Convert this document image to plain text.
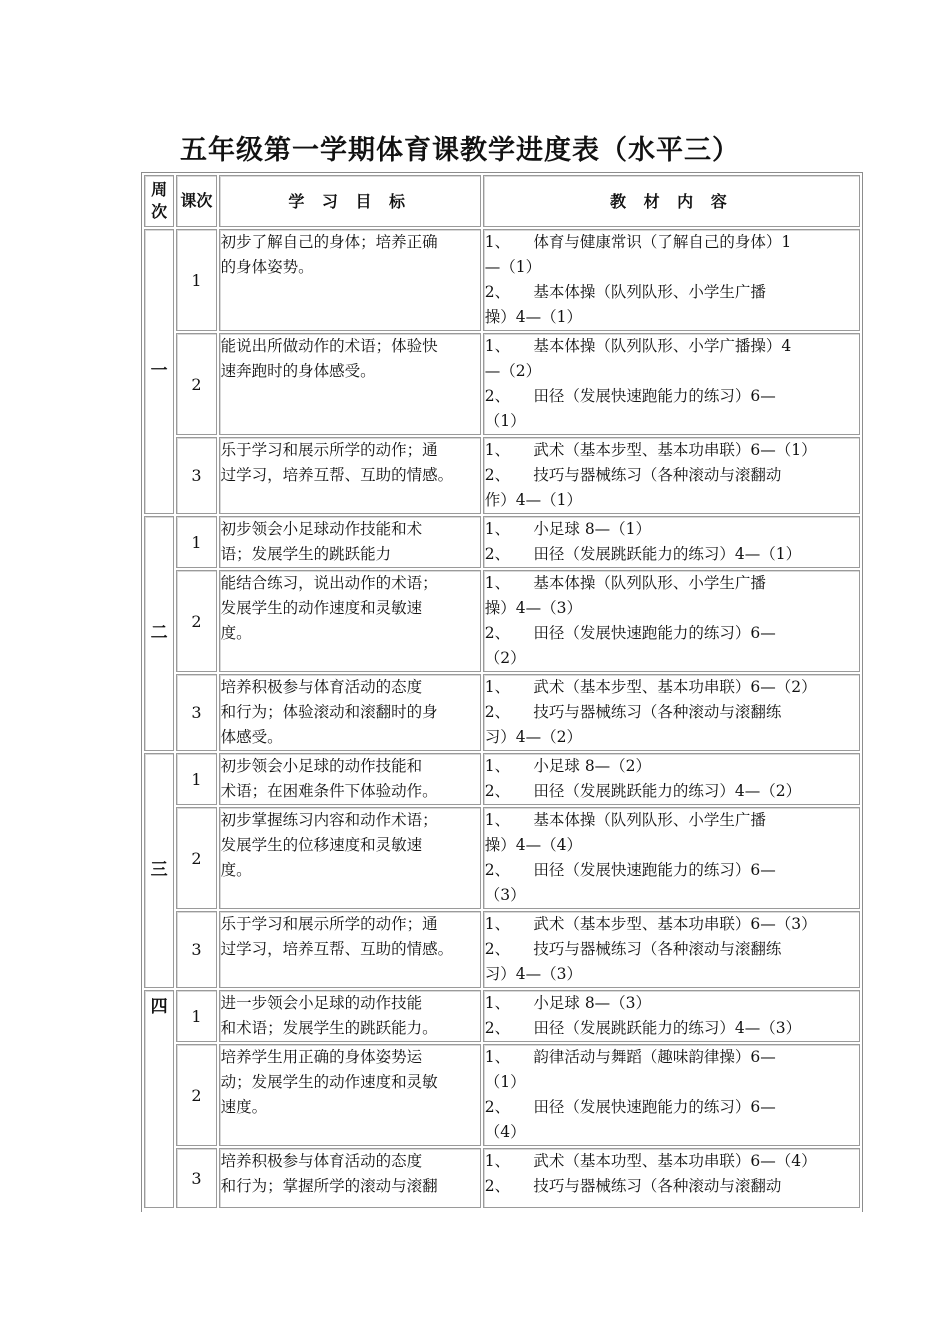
五年级第一学期体育课教学进度表（水平三）
周次	课次	学 习 目 标	教 材 内 容
一	1	初步了解自己的身体；培养正确
的身体姿势。	1、　　体育与健康常识（了解自己的身体）1
—（1）
2、　　基本体操（队列队形、小学生广播
操）4—（1）

	2	能说出所做动作的术语；体验快
速奔跑时的身体感受。	1、　　基本体操（队列队形、小学广播操）4
—（2）
2、　　田径（发展快速跑能力的练习）6—
（1）

	3	乐于学习和展示所学的动作；通
过学习，培养互帮、互助的情感。	1、　　武术（基本步型、基本功串联）6—（1）
2、　　技巧与器械练习（各种滚动与滚翻动
作）4—（1）

二	1	初步领会小足球动作技能和术
语；发展学生的跳跃能力	1、　　小足球 8—（1）
2、　　田径（发展跳跃能力的练习）4—（1）

	2	能结合练习，说出动作的术语；
发展学生的动作速度和灵敏速
度。	1、　　基本体操（队列队形、小学生广播
操）4—（3）
2、　　田径（发展快速跑能力的练习）6—
（2）

	3	培养积极参与体育活动的态度
和行为；体验滚动和滚翻时的身
体感受。	1、　　武术（基本步型、基本功串联）6—（2）
2、　　技巧与器械练习（各种滚动与滚翻练
习）4—（2）

三	1	初步领会小足球的动作技能和
术语；在困难条件下体验动作。	1、　　小足球 8—（2）
2、　　田径（发展跳跃能力的练习）4—（2）

	2	初步掌握练习内容和动作术语；
发展学生的位移速度和灵敏速
度。	1、　　基本体操（队列队形、小学生广播
操）4—（4）
2、　　田径（发展快速跑能力的练习）6—
（3）

	3	乐于学习和展示所学的动作；通
过学习，培养互帮、互助的情感。	1、　　武术（基本步型、基本功串联）6—（3）
2、　　技巧与器械练习（各种滚动与滚翻练
习）4—（3）

四	1	进一步领会小足球的动作技能
和术语；发展学生的跳跃能力。	1、　　小足球 8—（3）
2、　　田径（发展跳跃能力的练习）4—（3）

	2	培养学生用正确的身体姿势运
动；发展学生的动作速度和灵敏
速度。	1、　　韵律活动与舞蹈（趣味韵律操）6—
（1）
2、　　田径（发展快速跑能力的练习）6—
（4）

	3	培养积极参与体育活动的态度
和行为；掌握所学的滚动与滚翻	1、　　武术（基本功型、基本功串联）6—（4）
2、　　技巧与器械练习（各种滚动与滚翻动
